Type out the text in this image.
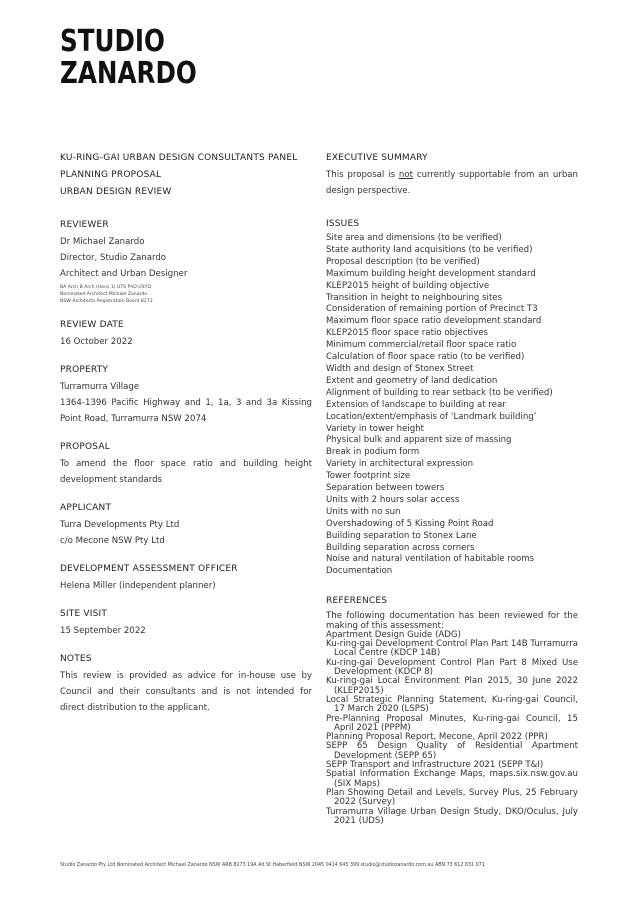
STUDIO
ZANARDO
KU-RING-GAI URBAN DESIGN CONSULTANTS PANEL
PLANNING PROPOSAL
URBAN DESIGN REVIEW
REVIEWER
Dr Michael Zanardo
Director, Studio Zanardo
Architect and Urban Designer
BA Arch B Arch (Hons 1) UTS PhD USYD
Nominated Architect Michael Zanardo
NSW Architects Registration Board 8273
REVIEW DATE
16 October 2022
PROPERTY
Turramurra Village
1364-1396 Pacific Highway and 1, 1a, 3 and 3a Kissing Point Road, Turramurra NSW 2074
PROPOSAL
To amend the floor space ratio and building height development standards
APPLICANT
Turra Developments Pty Ltd
c/o Mecone NSW Pty Ltd
DEVELOPMENT ASSESSMENT OFFICER
Helena Miller (independent planner)
SITE VISIT
15 September 2022
NOTES
This review is provided as advice for in-house use by Council and their consultants and is not intended for direct distribution to the applicant.
EXECUTIVE SUMMARY
This proposal is not currently supportable from an urban design perspective.
ISSUES
Site area and dimensions (to be verified)
State authority land acquisitions (to be verified)
Proposal description (to be verified)
Maximum building height development standard
KLEP2015 height of building objective
Transition in height to neighbouring sites
Consideration of remaining portion of Precinct T3
Maximum floor space ratio development standard
KLEP2015 floor space ratio objectives
Minimum commercial/retail floor space ratio
Calculation of floor space ratio (to be verified)
Width and design of Stonex Street
Extent and geometry of land dedication
Alignment of building to rear setback (to be verified)
Extension of landscape to building at rear
Location/extent/emphasis of ‘Landmark building’
Variety in tower height
Physical bulk and apparent size of massing
Break in podium form
Variety in architectural expression
Tower footprint size
Separation between towers
Units with 2 hours solar access
Units with no sun
Overshadowing of 5 Kissing Point Road
Building separation to Stonex Lane
Building separation across corners
Noise and natural ventilation of habitable rooms
Documentation
REFERENCES
The following documentation has been reviewed for the making of this assessment:
Apartment Design Guide (ADG)
Ku-ring-gai Development Control Plan Part 14B Turramurra Local Centre (KDCP 14B)
Ku-ring-gai Development Control Plan Part 8 Mixed Use Development (KDCP 8)
Ku-ring-gai Local Environment Plan 2015, 30 June 2022 (KLEP2015)
Local Strategic Planning Statement, Ku-ring-gai Council, 17 March 2020 (LSPS)
Pre-Planning Proposal Minutes, Ku-ring-gai Council, 15 April 2021 (PPPM)
Planning Proposal Report, Mecone, April 2022 (PPR)
SEPP 65 Design Quality of Residential Apartment Development (SEPP 65)
SEPP Transport and Infrastructure 2021 (SEPP T&I)
Spatial Information Exchange Maps, maps.six.nsw.gov.au (SIX Maps)
Plan Showing Detail and Levels, Survey Plus, 25 February 2022 (Survey)
Turramurra Village Urban Design Study, DKO/Oculus, July 2021 (UDS)
Studio Zanardo Pty Ltd Nominated Architect Michael Zanardo NSW ARB 8273 19A Alt St Haberfield NSW 2045 0414 645 399 studio@studiozanardo.com.au ABN 73 612 831 071
